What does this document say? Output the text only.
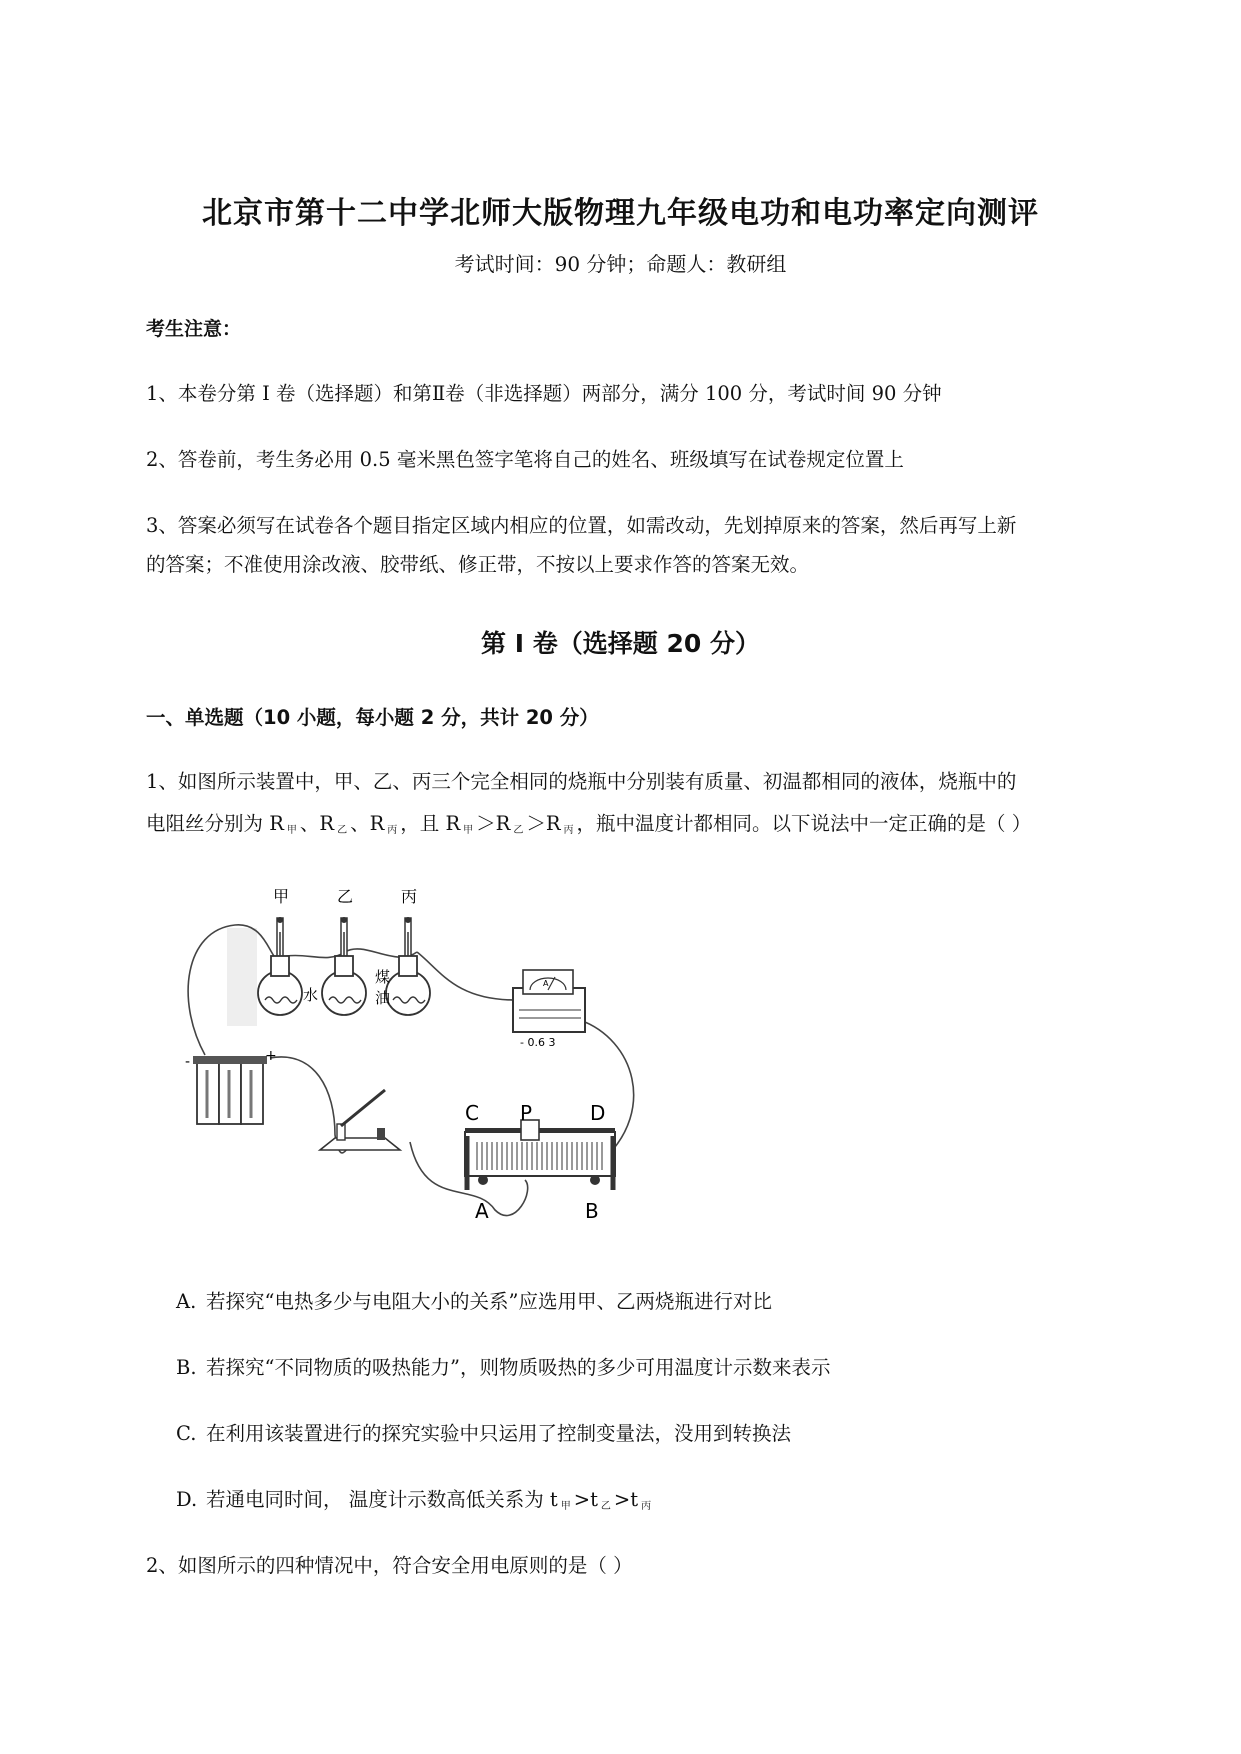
北京市第十二中学北师大版物理九年级电功和电功率定向测评
考试时间：90 分钟；命题人：教研组
考生注意：
1、本卷分第 I 卷（选择题）和第Ⅱ卷（非选择题）两部分，满分 100 分，考试时间 90 分钟
2、答卷前，考生务必用 0.5 毫米黑色签字笔将自己的姓名、班级填写在试卷规定位置上
3、答案必须写在试卷各个题目指定区域内相应的位置，如需改动，先划掉原来的答案，然后再写上新
的答案；不准使用涂改液、胶带纸、修正带，不按以上要求作答的答案无效。
第 I 卷（选择题 20 分）
一、单选题（10 小题，每小题 2 分，共计 20 分）
1、如图所示装置中，甲、乙、丙三个完全相同的烧瓶中分别装有质量、初温都相同的液体，烧瓶中的
电阻丝分别为 R $_甲$ 、R $_乙$ 、R $_丙$ ，且 R $_甲$ ＞R $_乙$ ＞R $_丙$ ，瓶中温度计都相同。以下说法中一定正确的是（ ）
甲	乙	丙
水
煤
油
A
- 0.6 3
-	+
C P	D
A	B
A. 若探究“电热多少与电阻大小的关系”应选用甲、乙两烧瓶进行对比
B. 若探究“不同物质的吸热能力”，则物质吸热的多少可用温度计示数来表示
C. 在利用该装置进行的探究实验中只运用了控制变量法，没用到转换法
D. 若通电同时间， 温度计示数高低关系为 t $_甲$ >t $_乙$ >t $_丙$
2、如图所示的四种情况中，符合安全用电原则的是（ ）
